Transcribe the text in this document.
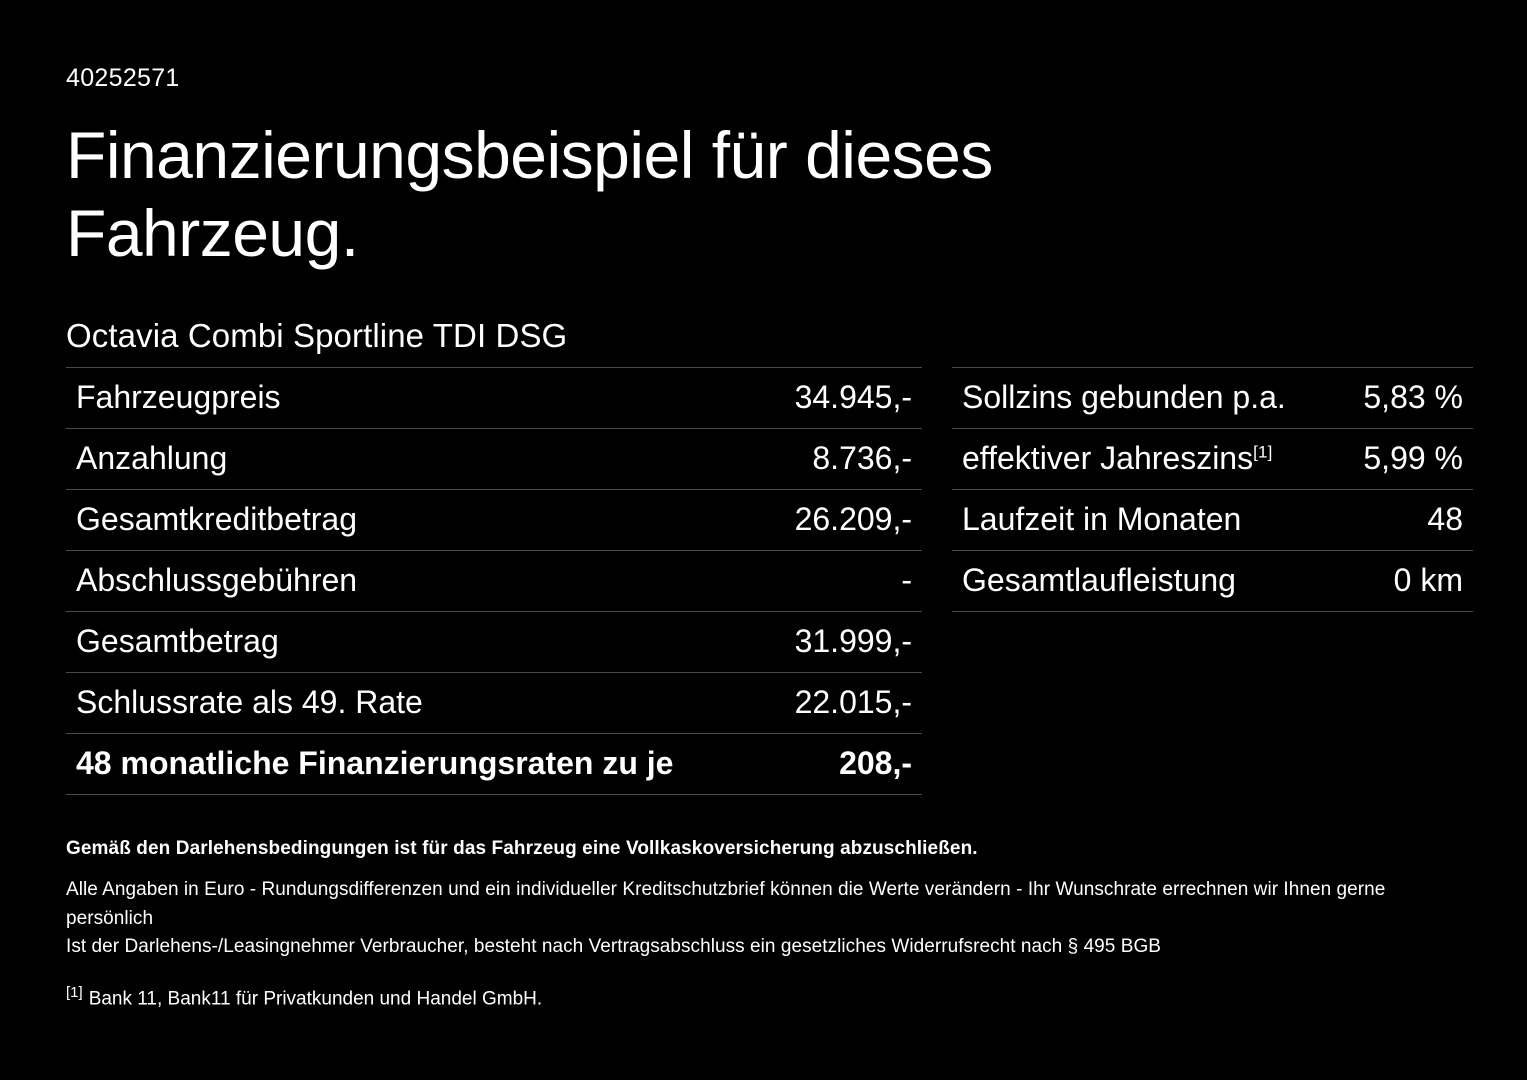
40252571
Finanzierungsbeispiel für dieses Fahrzeug.
Octavia Combi Sportline TDI DSG
Fahrzeugpreis	34.945,-
Anzahlung	8.736,-
Gesamtkreditbetrag	26.209,-
Abschlussgebühren	-
Gesamtbetrag	31.999,-
Schlussrate als 49. Rate	22.015,-
48 monatliche Finanzierungsraten zu je	208,-
Sollzins gebunden p.a.	5,83 %
effektiver Jahreszins[1]	5,99 %
Laufzeit in Monaten	48
Gesamtlaufleistung	0 km
Gemäß den Darlehensbedingungen ist für das Fahrzeug eine Vollkaskoversicherung abzuschließen.
Alle Angaben in Euro - Rundungsdifferenzen und ein individueller Kreditschutzbrief können die Werte verändern - Ihr Wunschrate errechnen wir Ihnen gerne persönlich
Ist der Darlehens-/Leasingnehmer Verbraucher, besteht nach Vertragsabschluss ein gesetzliches Widerrufsrecht nach § 495 BGB
[1] Bank 11, Bank11 für Privatkunden und Handel GmbH.
